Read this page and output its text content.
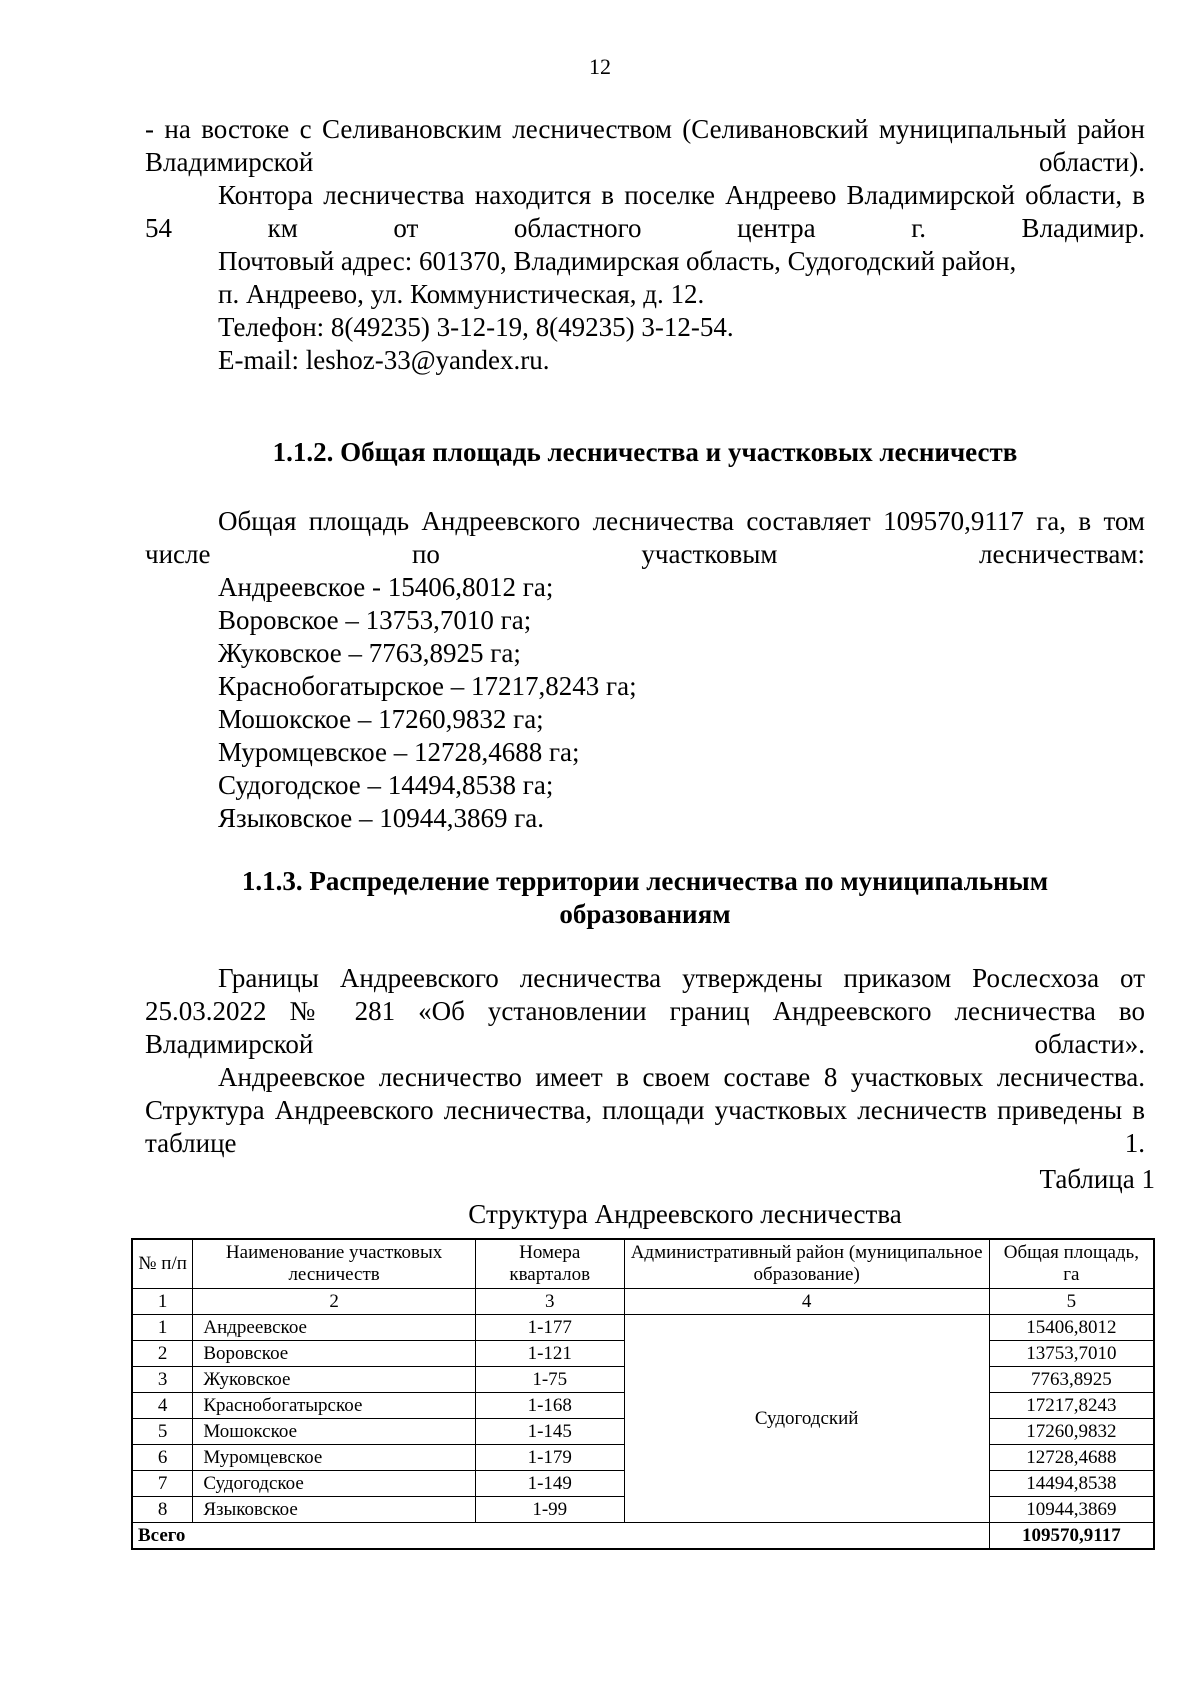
12

- на востоке с Селивановским лесничеством (Селивановский муниципальный район Владимирской области).

Контора лесничества находится в поселке Андреево Владимирской области, в 54 км от областного центра г. Владимир.

Почтовый адрес: 601370, Владимирская область, Судогодский район,

п. Андреево, ул. Коммунистическая, д. 12.

Телефон: 8(49235) 3-12-19, 8(49235) 3-12-54.

E-mail: leshoz-33@yandex.ru.

1.1.2. Общая площадь лесничества и участковых лесничеств

Общая площадь Андреевского лесничества составляет 109570,9117 га, в том числе по участковым лесничествам:

Андреевское - 15406,8012 га;

Воровское – 13753,7010 га;

Жуковское – 7763,8925 га;

Краснобогатырское – 17217,8243 га;

Мошокское – 17260,9832 га;

Муромцевское – 12728,4688 га;

Судогодское – 14494,8538 га;

Языковское – 10944,3869 га.

1.1.3. Распределение территории лесничества по муниципальным
образованиям

Границы Андреевского лесничества утверждены приказом Рослесхоза от 25.03.2022 № 281 «Об установлении границ Андреевского лесничества во Владимирской области».

Андреевское лесничество имеет в своем составе 8 участковых лесничества. Структура Андреевского лесничества, площади участковых лесничеств приведены в таблице 1.

Таблица 1
Структура Андреевского лесничества
№ п/п	Наименование участковых лесничеств	Номера кварталов	Административный район (муниципальное образование)	Общая площадь, га
1	2	3	4	5
1	Андреевское	1-177	Судогодский	15406,8012
2	Воровское	1-121		13753,7010
3	Жуковское	1-75		7763,8925
4	Краснобогатырское	1-168		17217,8243
5	Мошокское	1-145		17260,9832
6	Муромцевское	1-179		12728,4688
7	Судогодское	1-149		14494,8538
8	Языковское	1-99		10944,3869
Всего				109570,9117
